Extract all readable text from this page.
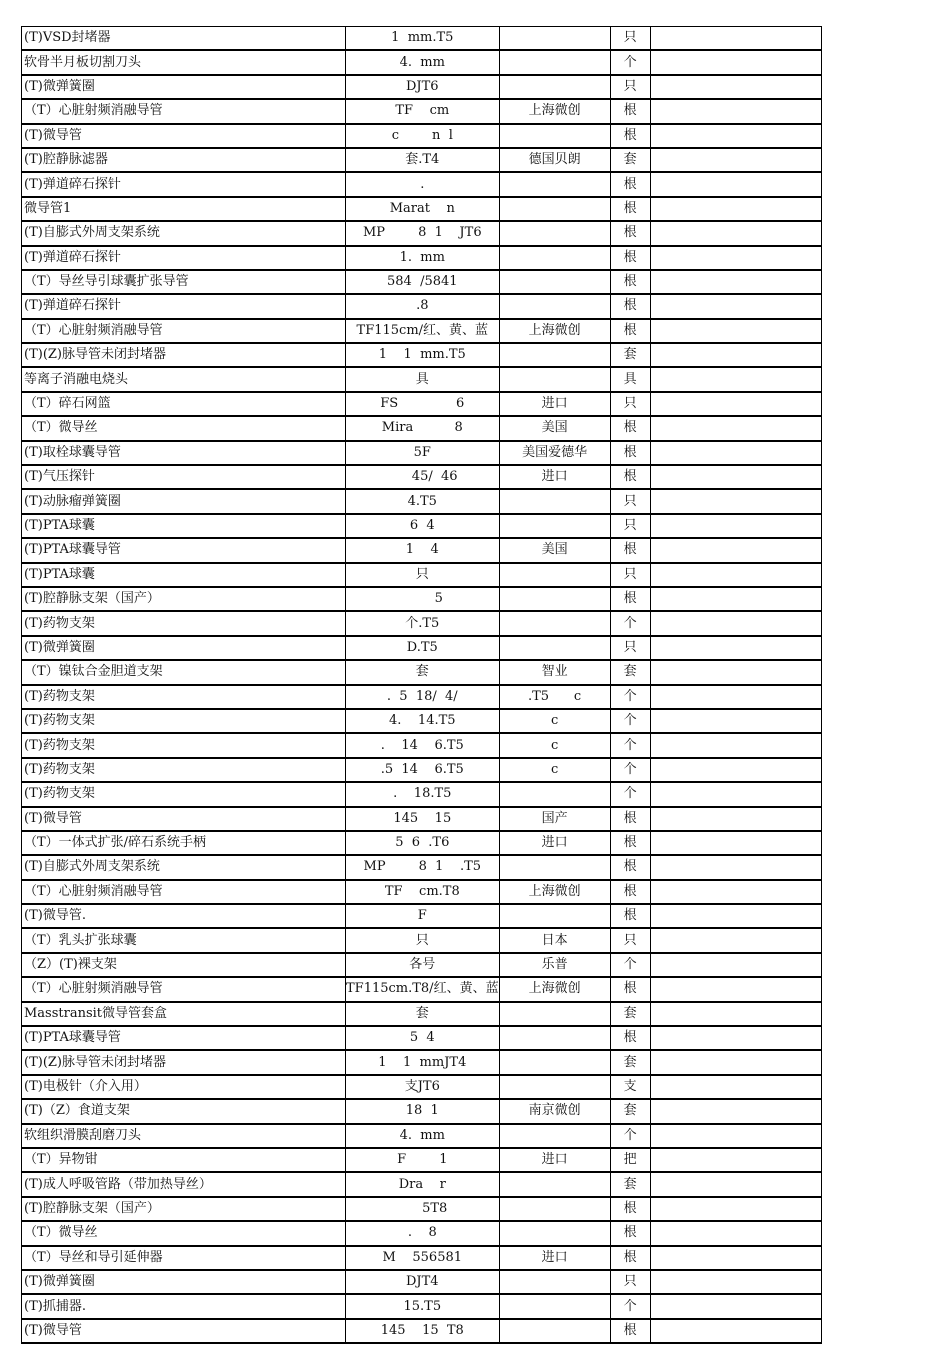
(T)VSD封堵器	1  mm.T5		只	
软骨半月板切割刀头	4.  mm		个	
(T)微弹簧圈	DJT6		只	
（T）心脏射频消融导管	TF    cm	上海微创	根	
(T)微导管	c        n  l		根	
(T)腔静脉滤器	套.T4	德国贝朗	套	
(T)弹道碎石探针	.		根	
微导管1	Marat    n		根	
(T)自膨式外周支架系统	MP        8  1    JT6		根	
(T)弹道碎石探针	1.  mm		根	
（T）导丝导引球囊扩张导管	584  /5841		根	
(T)弹道碎石探针	.8		根	
（T）心脏射频消融导管	TF115cm/红、黄、蓝	上海微创	根	
(T)(Z)脉导管未闭封堵器	1    1  mm.T5		套	
等离子消融电烧头	具		具	
（T）碎石网篮	FS              6	进口	只	
（T）微导丝	Mira          8	美国	根	
(T)取栓球囊导管	5F	美国爱德华	根	
(T)气压探针	45/  46	进口	根	
(T)动脉瘤弹簧圈	4.T5		只	
(T)PTA球囊	6  4		只	
(T)PTA球囊导管	1    4	美国	根	
(T)PTA球囊	只		只	
(T)腔静脉支架（国产）	5		根	
(T)药物支架	个.T5		个	
(T)微弹簧圈	D.T5		只	
（T）镍钛合金胆道支架	套	智业	套	
(T)药物支架	.  5  18/  4/	.T5      c	个	
(T)药物支架	4.    14.T5	c	个	
(T)药物支架	.    14    6.T5	c	个	
(T)药物支架	.5  14    6.T5	c	个	
(T)药物支架	.    18.T5		个	
(T)微导管	145    15	国产	根	
（T）一体式扩张/碎石系统手柄	5  6  .T6	进口	根	
(T)自膨式外周支架系统	MP        8  1    .T5		根	
（T）心脏射频消融导管	TF    cm.T8	上海微创	根	
(T)微导管.	F		根	
（T）乳头扩张球囊	只	日本	只	
（Z）(T)裸支架	各号	乐普	个	
（T）心脏射频消融导管	TF115cm.T8/红、黄、蓝	上海微创	根	
Masstransit微导管套盒	套		套	
(T)PTA球囊导管	5  4		根	
(T)(Z)脉导管未闭封堵器	1    1  mmJT4		套	
(T)电极针（介入用）	支JT6		支	
(T)（Z）食道支架	18  1	南京微创	套	
软组织滑膜刮磨刀头	4.  mm		个	
（T）异物钳	F        1	进口	把	
(T)成人呼吸管路（带加热导丝）	Dra    r		套	
(T)腔静脉支架（国产）	5T8		根	
（T）微导丝	.    8		根	
（T）导丝和导引延伸器	M    556581	进口	根	
(T)微弹簧圈	DJT4		只	
(T)抓捕器.	15.T5		个	
(T)微导管	145    15  T8		根	
